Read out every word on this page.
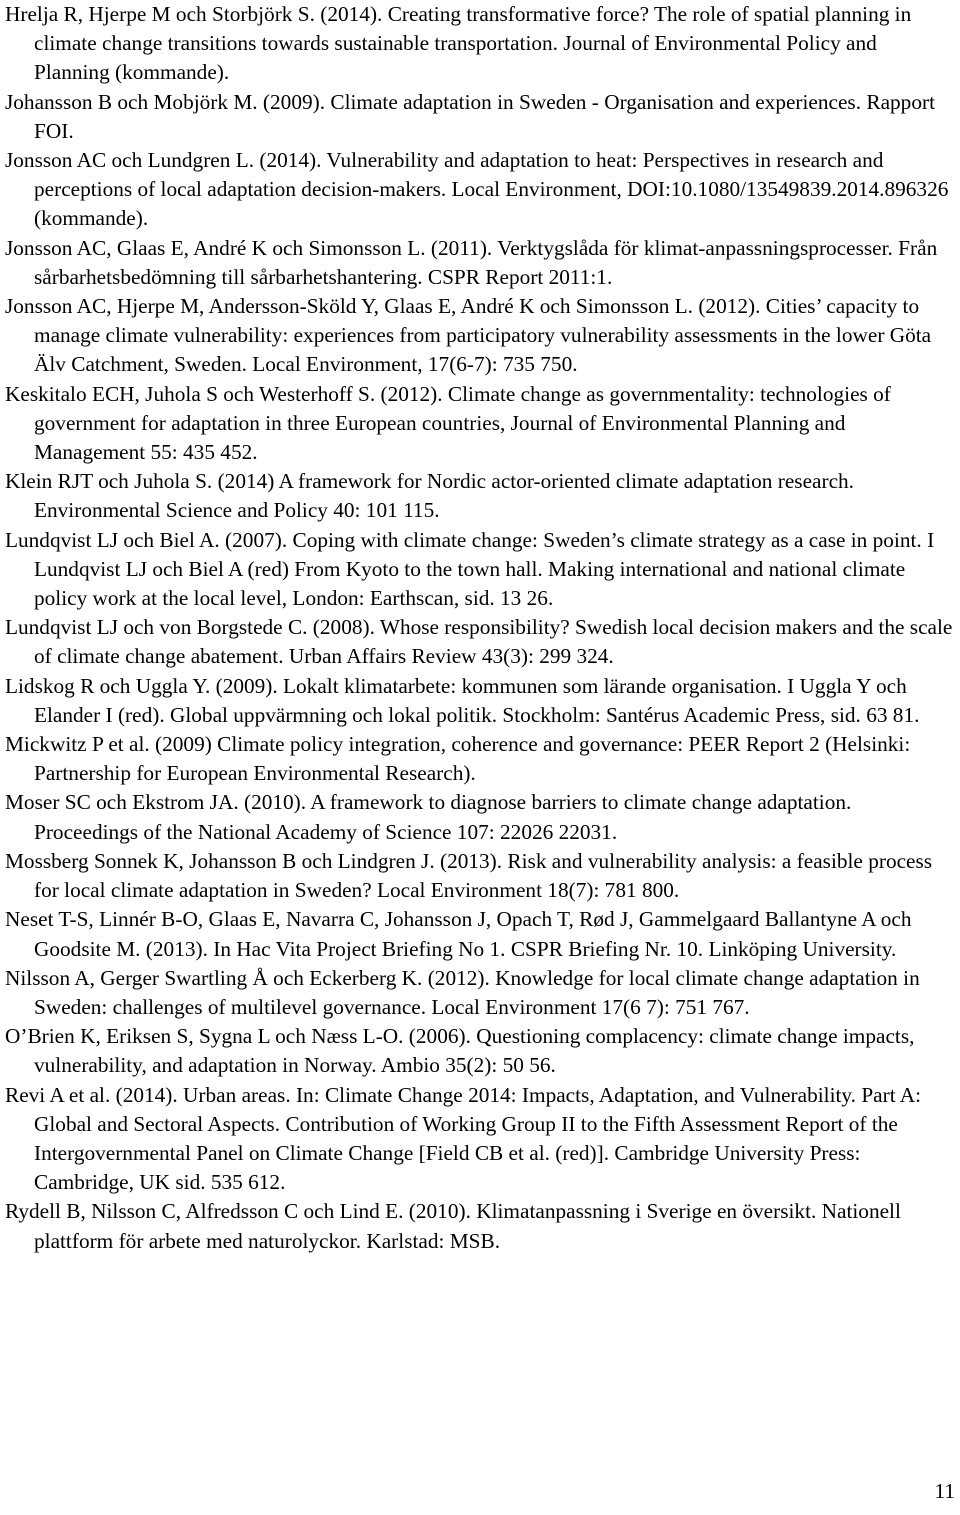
Hrelja R, Hjerpe M och Storbjörk S. (2014). Creating transformative force? The role of spatial planning in climate change transitions towards sustainable transportation. Journal of Environmental Policy and Planning (kommande).

Johansson B och Mobjörk M. (2009). Climate adaptation in Sweden - Organisation and experiences. Rapport FOI.

Jonsson AC och Lundgren L. (2014). Vulnerability and adaptation to heat: Perspectives in research and perceptions of local adaptation decision-makers. Local Environment, DOI:10.1080/13549839.2014.896326 (kommande).

Jonsson AC, Glaas E, André K och Simonsson L. (2011). Verktygslåda för klimat-anpassningsprocesser. Från sårbarhetsbedömning till sårbarhetshantering. CSPR Report 2011:1.

Jonsson AC, Hjerpe M, Andersson-Sköld Y, Glaas E, André K och Simonsson L. (2012). Cities’ capacity to manage climate vulnerability: experiences from participatory vulnerability assessments in the lower Göta Älv Catchment, Sweden. Local Environment, 17(6-7): 735 750.

Keskitalo ECH, Juhola S och Westerhoff S. (2012). Climate change as governmentality: technologies of government for adaptation in three European countries, Journal of Environmental Planning and Management 55: 435 452.

Klein RJT och Juhola S. (2014) A framework for Nordic actor-oriented climate adaptation research. Environmental Science and Policy 40: 101 115.

Lundqvist LJ och Biel A. (2007). Coping with climate change: Sweden’s climate strategy as a case in point. I Lundqvist LJ och Biel A (red) From Kyoto to the town hall. Making international and national climate policy work at the local level, London: Earthscan, sid. 13 26.

Lundqvist LJ och von Borgstede C. (2008). Whose responsibility? Swedish local decision makers and the scale of climate change abatement. Urban Affairs Review 43(3): 299 324.

Lidskog R och Uggla Y. (2009). Lokalt klimatarbete: kommunen som lärande organisation. I Uggla Y och Elander I (red). Global uppvärmning och lokal politik. Stockholm: Santérus Academic Press, sid. 63 81.

Mickwitz P et al. (2009) Climate policy integration, coherence and governance: PEER Report 2 (Helsinki: Partnership for European Environmental Research).

Moser SC och Ekstrom JA. (2010). A framework to diagnose barriers to climate change adaptation. Proceedings of the National Academy of Science 107: 22026 22031.

Mossberg Sonnek K, Johansson B och Lindgren J. (2013). Risk and vulnerability analysis: a feasible process for local climate adaptation in Sweden? Local Environment 18(7): 781 800.

Neset T-S, Linnér B-O, Glaas E, Navarra C, Johansson J, Opach T, Rød J, Gammelgaard Ballantyne A och Goodsite M. (2013). In Hac Vita Project Briefing No 1. CSPR Briefing Nr. 10. Linköping University.

Nilsson A, Gerger Swartling Å och Eckerberg K. (2012). Knowledge for local climate change adaptation in Sweden: challenges of multilevel governance. Local Environment 17(6 7): 751 767.

O’Brien K, Eriksen S, Sygna L och Næss L-O. (2006). Questioning complacency: climate change impacts, vulnerability, and adaptation in Norway. Ambio 35(2): 50 56.

Revi A et al. (2014). Urban areas. In: Climate Change 2014: Impacts, Adaptation, and Vulnerability. Part A: Global and Sectoral Aspects. Contribution of Working Group II to the Fifth Assessment Report of the Intergovernmental Panel on Climate Change [Field CB et al. (red)]. Cambridge University Press: Cambridge, UK sid. 535 612.

Rydell B, Nilsson C, Alfredsson C och Lind E. (2010). Klimatanpassning i Sverige en översikt. Nationell plattform för arbete med naturolyckor. Karlstad: MSB.

11
